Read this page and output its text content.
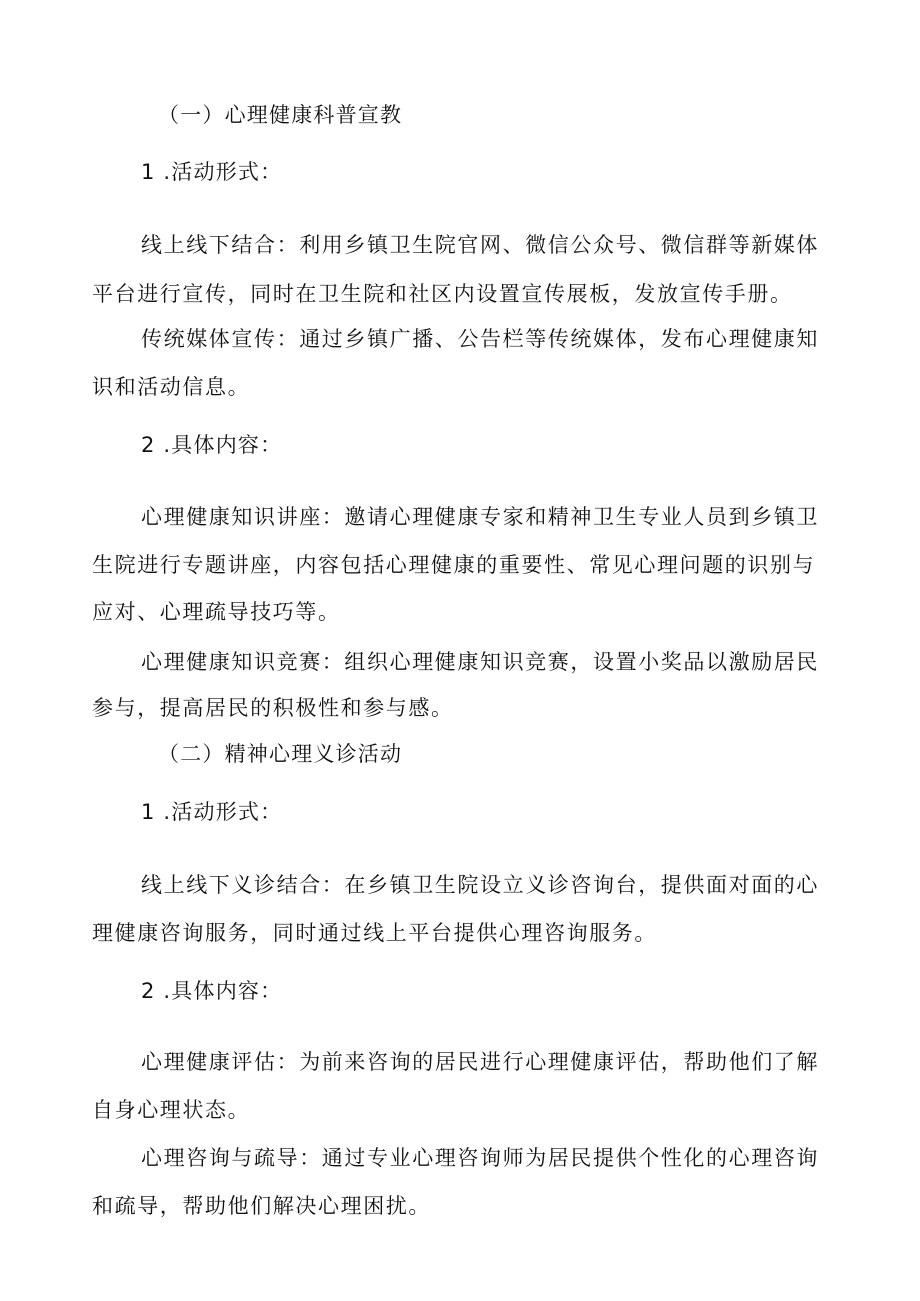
（一）心理健康科普宣教

1 .活动形式：

线上线下结合：利用乡镇卫生院官网、微信公众号、微信群等新媒体

平台进行宣传，同时在卫生院和社区内设置宣传展板，发放宣传手册。

传统媒体宣传：通过乡镇广播、公告栏等传统媒体，发布心理健康知

识和活动信息。

2 .具体内容：

心理健康知识讲座：邀请心理健康专家和精神卫生专业人员到乡镇卫

生院进行专题讲座，内容包括心理健康的重要性、常见心理问题的识别与

应对、心理疏导技巧等。

心理健康知识竞赛：组织心理健康知识竞赛，设置小奖品以激励居民

参与，提高居民的积极性和参与感。

（二）精神心理义诊活动

1 .活动形式：

线上线下义诊结合：在乡镇卫生院设立义诊咨询台，提供面对面的心

理健康咨询服务，同时通过线上平台提供心理咨询服务。

2 .具体内容：

心理健康评估：为前来咨询的居民进行心理健康评估，帮助他们了解

自身心理状态。

心理咨询与疏导：通过专业心理咨询师为居民提供个性化的心理咨询

和疏导，帮助他们解决心理困扰。
